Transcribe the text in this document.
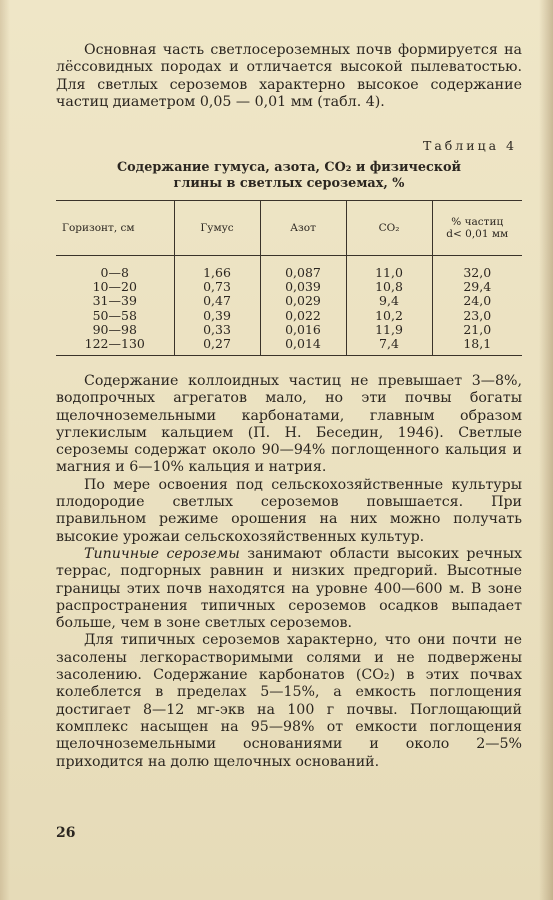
Основная часть светлосероземных почв формируется на лёссовидных породах и отличается высокой пылеватостью. Для светлых сероземов характерно высокое содержание частиц диаметром 0,05 — 0,01 мм (табл. 4).

Таблица 4
Содержание гумуса, азота, CO₂ и физической
глины в светлых сероземах, %
Горизонт, см	Гумус	Азот	CO₂	% частиц
d< 0,01 мм

0—8	1,66	0,087	11,0	32,0
10—20	0,73	0,039	10,8	29,4
31—39	0,47	0,029	9,4	24,0
50—58	0,39	0,022	10,2	23,0
90—98	0,33	0,016	11,9	21,0
122—130	0,27	0,014	7,4	18,1

Содержание коллоидных частиц не превышает 3—8%, водопрочных агрегатов мало, но эти почвы богаты щелочноземельными карбонатами, главным образом углекислым кальцием (П. Н. Беседин, 1946). Светлые сероземы содержат около 90—94% поглощенного кальция и магния и 6—10% кальция и натрия.

По мере освоения под сельскохозяйственные культуры плодородие светлых сероземов повышается. При правильном режиме орошения на них можно получать высокие урожаи сельскохозяйственных культур.

Типичные сероземы занимают области высоких речных террас, подгорных равнин и низких предгорий. Высотные границы этих почв находятся на уровне 400—600 м. В зоне распространения типичных сероземов осадков выпадает больше, чем в зоне светлых сероземов.

Для типичных сероземов характерно, что они почти не засолены легкорастворимыми солями и не подвержены засолению. Содержание карбонатов (CO₂) в этих почвах колеблется в пределах 5—15%, а емкость поглощения достигает 8—12 мг-экв на 100 г почвы. Поглощающий комплекс насыщен на 95—98% от емкости поглощения щелочноземельными основаниями и около 2—5% приходится на долю щелочных оснований.

26
